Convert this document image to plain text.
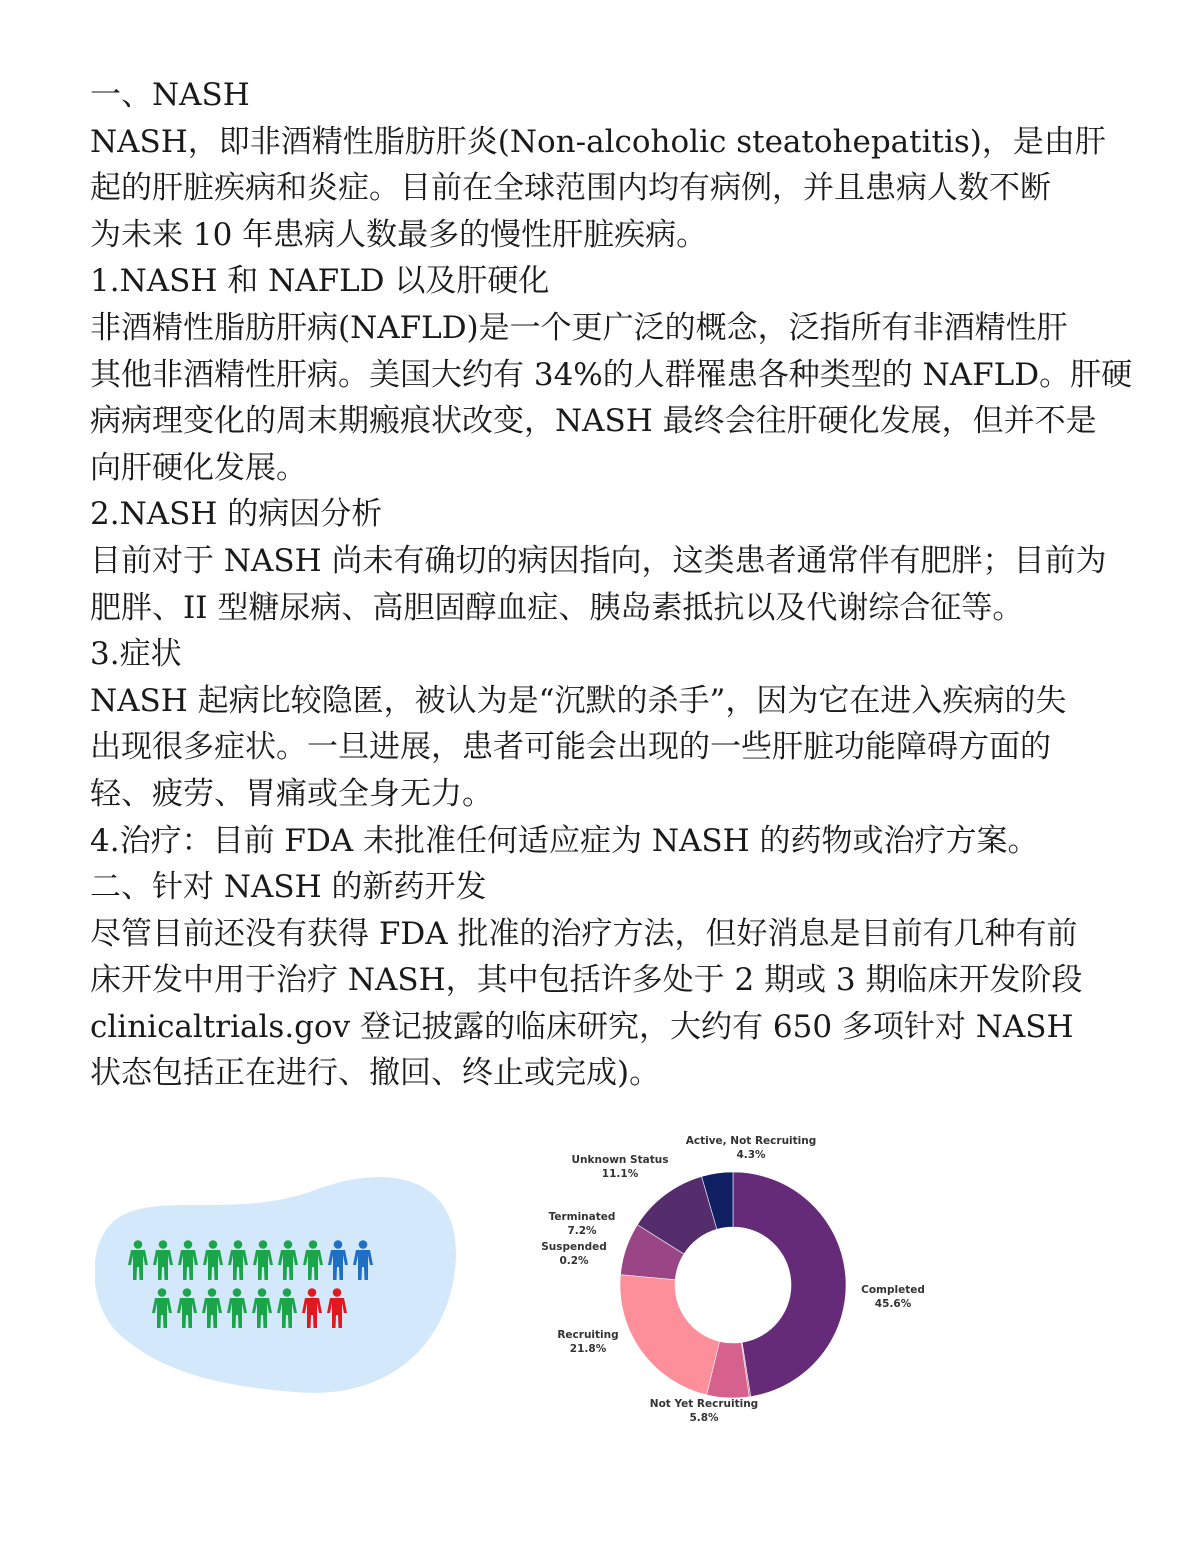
一、NASH
NASH，即非酒精性脂肪肝炎(Non-alcoholic steatohepatitis)，是由肝
起的肝脏疾病和炎症。目前在全球范围内均有病例，并且患病人数不断
为未来 10 年患病人数最多的慢性肝脏疾病。
1.NASH 和 NAFLD 以及肝硬化
非酒精性脂肪肝病(NAFLD)是一个更广泛的概念，泛指所有非酒精性肝
其他非酒精性肝病。美国大约有 34%的人群罹患各种类型的 NAFLD。肝硬
病病理变化的周末期瘢痕状改变，NASH 最终会往肝硬化发展，但并不是
向肝硬化发展。
2.NASH 的病因分析
目前对于 NASH 尚未有确切的病因指向，这类患者通常伴有肥胖；目前为
肥胖、II 型糖尿病、高胆固醇血症、胰岛素抵抗以及代谢综合征等。
3.症状
NASH 起病比较隐匿，被认为是“沉默的杀手”，因为它在进入疾病的失
出现很多症状。一旦进展，患者可能会出现的一些肝脏功能障碍方面的
轻、疲劳、胃痛或全身无力。
4.治疗：目前 FDA 未批准任何适应症为 NASH 的药物或治疗方案。
二、针对 NASH 的新药开发
尽管目前还没有获得 FDA 批准的治疗方法，但好消息是目前有几种有前
床开发中用于治疗 NASH，其中包括许多处于 2 期或 3 期临床开发阶段
clinicaltrials.gov 登记披露的临床研究，大约有 650 多项针对 NASH
状态包括正在进行、撤回、终止或完成)。
Completed
45.6%
Suspended
0.2%
Not Yet Recruiting
5.8%
Recruiting
21.8%
Terminated
7.2%
Unknown Status
11.1%
Active, Not Recruiting
4.3%
